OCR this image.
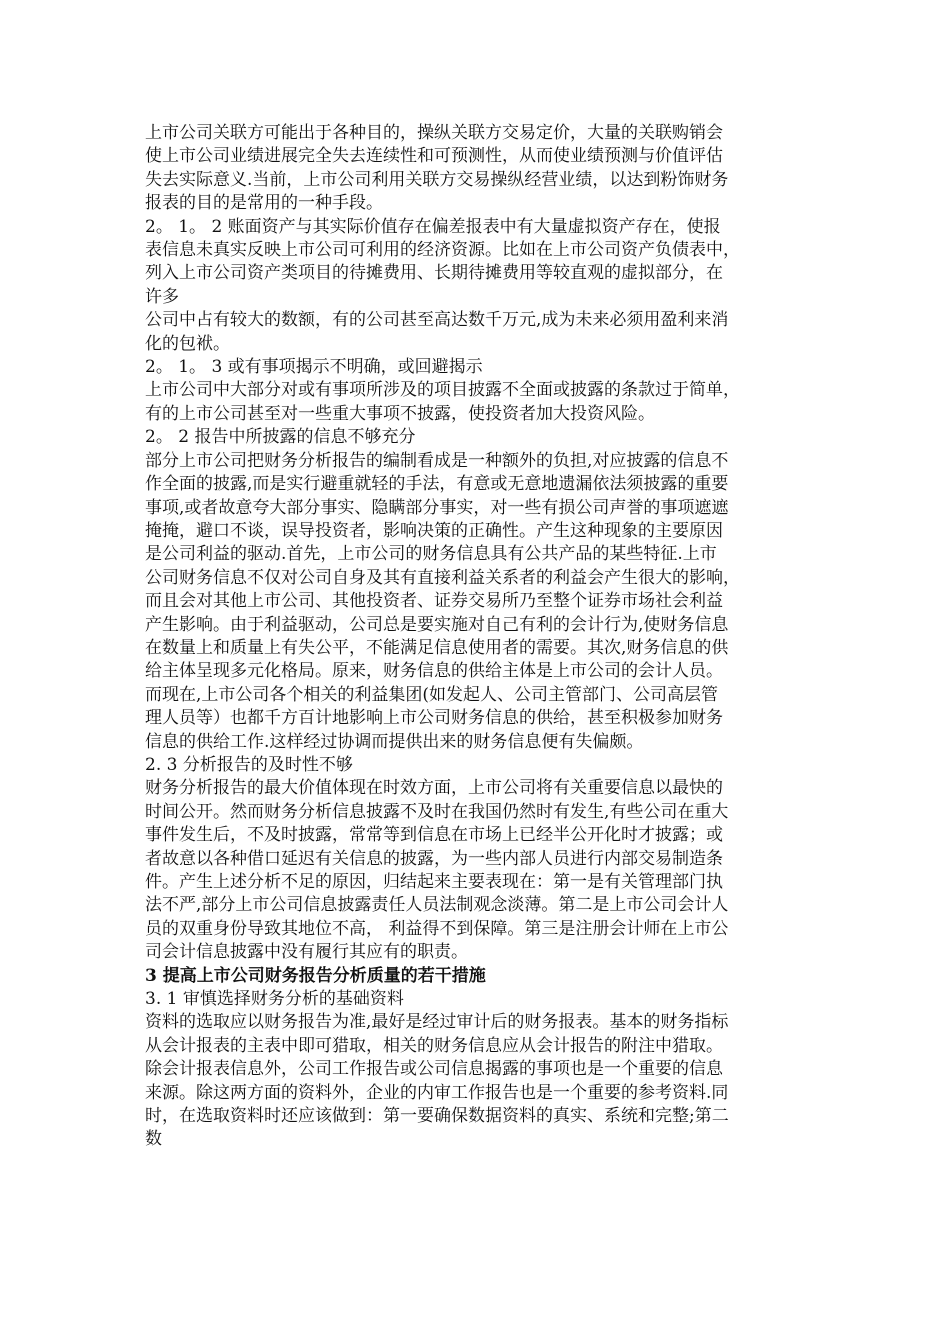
上市公司关联方可能出于各种目的，操纵关联方交易定价，大量的关联购销会
使上市公司业绩进展完全失去连续性和可预测性，从而使业绩预测与价值评估
失去实际意义.当前，上市公司利用关联方交易操纵经营业绩，以达到粉饰财务
报表的目的是常用的一种手段。
2。 1。 2 账面资产与其实际价值存在偏差报表中有大量虚拟资产存在，使报
表信息未真实反映上市公司可利用的经济资源。比如在上市公司资产负债表中，
列入上市公司资产类项目的待摊费用、长期待摊费用等较直观的虚拟部分，在
许多
公司中占有较大的数额，有的公司甚至高达数千万元,成为未来必须用盈利来消
化的包袱。
2。 1。 3 或有事项揭示不明确，或回避揭示
上市公司中大部分对或有事项所涉及的项目披露不全面或披露的条款过于简单，
有的上市公司甚至对一些重大事项不披露，使投资者加大投资风险。
2。 2 报告中所披露的信息不够充分
部分上市公司把财务分析报告的编制看成是一种额外的负担,对应披露的信息不
作全面的披露,而是实行避重就轻的手法，有意或无意地遗漏依法须披露的重要
事项,或者故意夸大部分事实、隐瞒部分事实，对一些有损公司声誉的事项遮遮
掩掩，避口不谈，误导投资者，影响决策的正确性。产生这种现象的主要原因
是公司利益的驱动.首先，上市公司的财务信息具有公共产品的某些特征.上市
公司财务信息不仅对公司自身及其有直接利益关系者的利益会产生很大的影响，
而且会对其他上市公司、其他投资者、证券交易所乃至整个证券市场社会利益
产生影响。由于利益驱动，公司总是要实施对自己有利的会计行为,使财务信息
在数量上和质量上有失公平，不能满足信息使用者的需要。其次,财务信息的供
给主体呈现多元化格局。原来，财务信息的供给主体是上市公司的会计人员。
而现在,上市公司各个相关的利益集团(如发起人、公司主管部门、公司高层管
理人员等）也都千方百计地影响上市公司财务信息的供给，甚至积极参加财务
信息的供给工作.这样经过协调而提供出来的财务信息便有失偏颇。
2. 3 分析报告的及时性不够
财务分析报告的最大价值体现在时效方面，上市公司将有关重要信息以最快的
时间公开。然而财务分析信息披露不及时在我国仍然时有发生,有些公司在重大
事件发生后，不及时披露，常常等到信息在市场上已经半公开化时才披露；或
者故意以各种借口延迟有关信息的披露，为一些内部人员进行内部交易制造条
件。产生上述分析不足的原因，归结起来主要表现在：第一是有关管理部门执
法不严,部分上市公司信息披露责任人员法制观念淡薄。第二是上市公司会计人
员的双重身份导致其地位不高， 利益得不到保障。第三是注册会计师在上市公
司会计信息披露中没有履行其应有的职责。
3 提高上市公司财务报告分析质量的若干措施
3. 1 审慎选择财务分析的基础资料
资料的选取应以财务报告为准,最好是经过审计后的财务报表。基本的财务指标
从会计报表的主表中即可猎取，相关的财务信息应从会计报告的附注中猎取。
除会计报表信息外，公司工作报告或公司信息揭露的事项也是一个重要的信息
来源。除这两方面的资料外，企业的内审工作报告也是一个重要的参考资料.同
时，在选取资料时还应该做到：第一要确保数据资料的真实、系统和完整;第二
数
